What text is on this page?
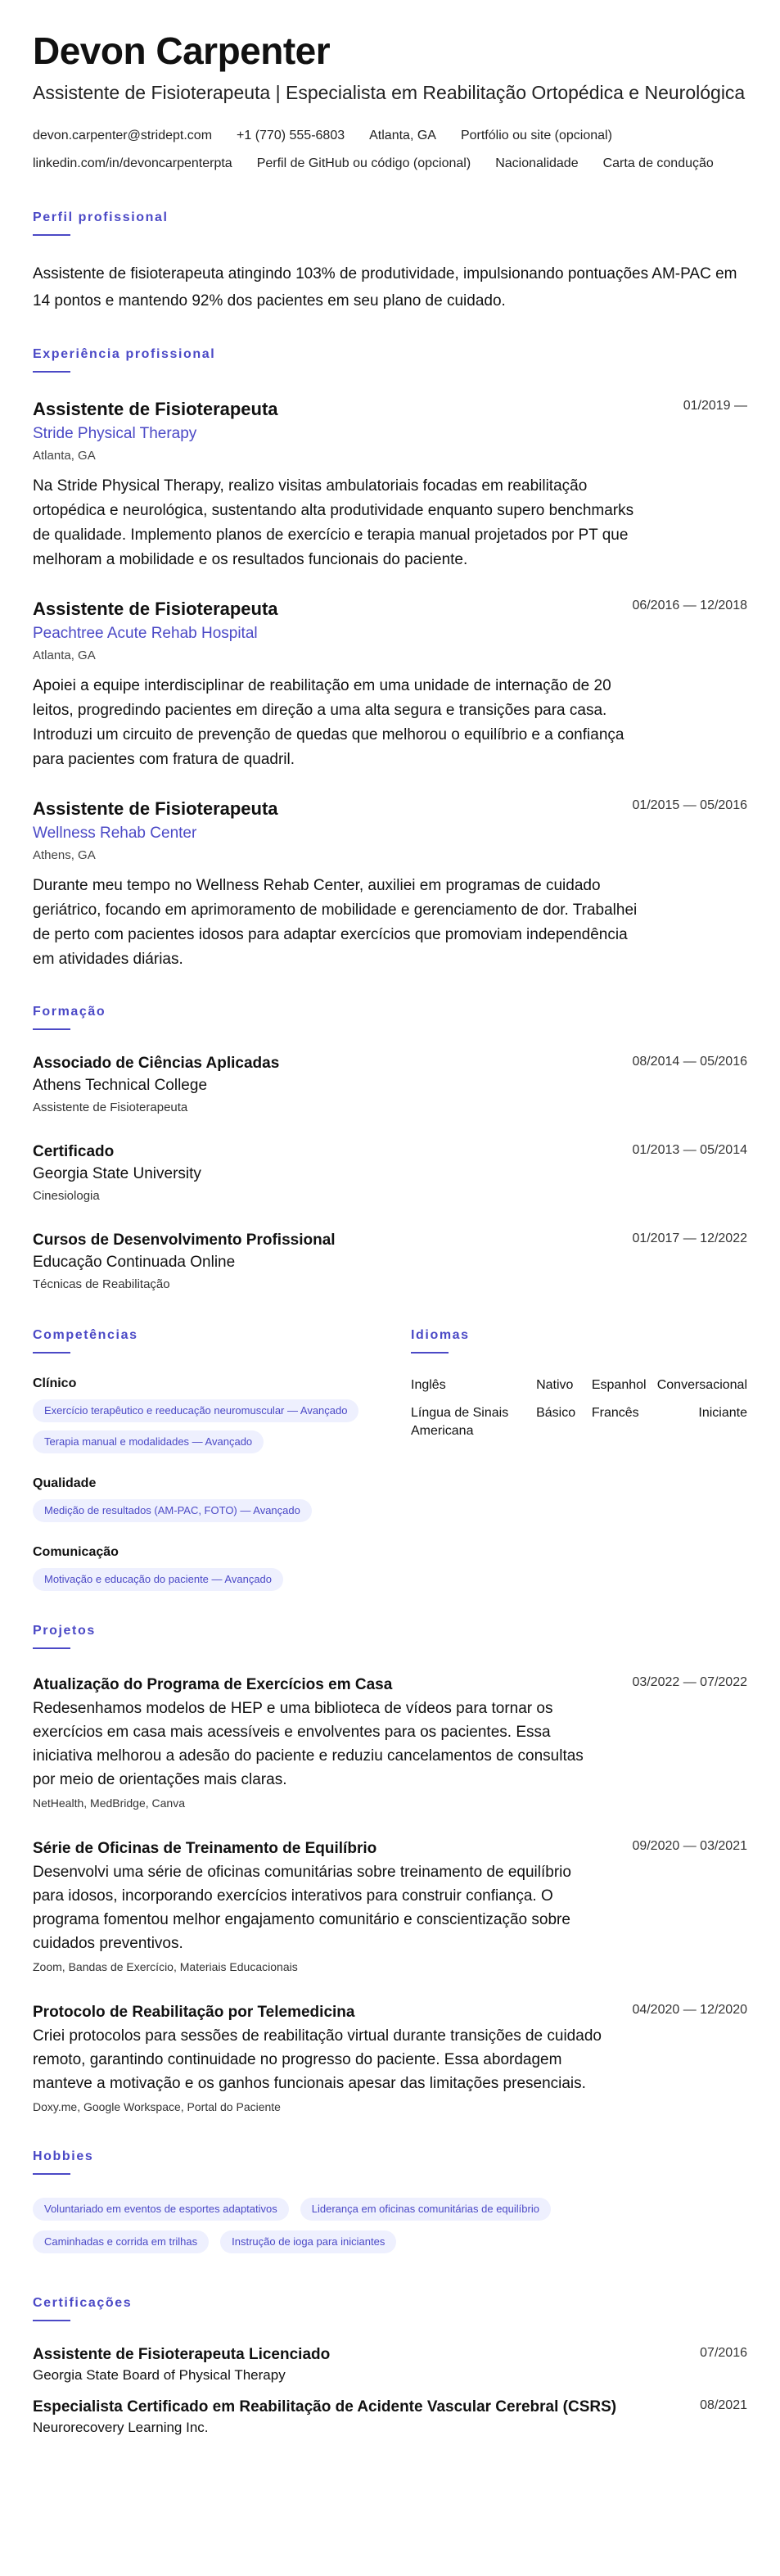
Devon Carpenter
Assistente de Fisioterapeuta | Especialista em Reabilitação Ortopédica e Neurológica
devon.carpenter@stridept.com +1 (770) 555-6803 Atlanta, GA Portfólio ou site (opcional)
linkedin.com/in/devoncarpenterpta Perfil de GitHub ou código (opcional) Nacionalidade Carta de condução
Perfil profissional
Assistente de fisioterapeuta atingindo 103% de produtividade, impulsionando pontuações AM-PAC em 14 pontos e mantendo 92% dos pacientes em seu plano de cuidado.
Experiência profissional
Assistente de Fisioterapeuta
Stride Physical Therapy
Atlanta, GA
01/2019 —
Na Stride Physical Therapy, realizo visitas ambulatoriais focadas em reabilitação ortopédica e neurológica, sustentando alta produtividade enquanto supero benchmarks de qualidade. Implemento planos de exercício e terapia manual projetados por PT que melhoram a mobilidade e os resultados funcionais do paciente.
Assistente de Fisioterapeuta
Peachtree Acute Rehab Hospital
Atlanta, GA
06/2016 — 12/2018
Apoiei a equipe interdisciplinar de reabilitação em uma unidade de internação de 20 leitos, progredindo pacientes em direção a uma alta segura e transições para casa. Introduzi um circuito de prevenção de quedas que melhorou o equilíbrio e a confiança para pacientes com fratura de quadril.
Assistente de Fisioterapeuta
Wellness Rehab Center
Athens, GA
01/2015 — 05/2016
Durante meu tempo no Wellness Rehab Center, auxiliei em programas de cuidado geriátrico, focando em aprimoramento de mobilidade e gerenciamento de dor. Trabalhei de perto com pacientes idosos para adaptar exercícios que promoviam independência em atividades diárias.
Formação
Associado de Ciências Aplicadas
Athens Technical College
Assistente de Fisioterapeuta
08/2014 — 05/2016
Certificado
Georgia State University
Cinesiologia
01/2013 — 05/2014
Cursos de Desenvolvimento Profissional
Educação Continuada Online
Técnicas de Reabilitação
01/2017 — 12/2022
Competências
Clínico
Exercício terapêutico e reeducação neuromuscular — Avançado
Terapia manual e modalidades — Avançado
Qualidade
Medição de resultados (AM-PAC, FOTO) — Avançado
Comunicação
Motivação e educação do paciente — Avançado
Idiomas
Inglês	Nativo	Espanhol	Conversacional
Língua de Sinais Americana	Básico	Francês	Iniciante
Projetos
Atualização do Programa de Exercícios em Casa	03/2022 — 07/2022
Redesenhamos modelos de HEP e uma biblioteca de vídeos para tornar os exercícios em casa mais acessíveis e envolventes para os pacientes. Essa iniciativa melhorou a adesão do paciente e reduziu cancelamentos de consultas por meio de orientações mais claras.
NetHealth, MedBridge, Canva
Série de Oficinas de Treinamento de Equilíbrio	09/2020 — 03/2021
Desenvolvi uma série de oficinas comunitárias sobre treinamento de equilíbrio para idosos, incorporando exercícios interativos para construir confiança. O programa fomentou melhor engajamento comunitário e conscientização sobre cuidados preventivos.
Zoom, Bandas de Exercício, Materiais Educacionais
Protocolo de Reabilitação por Telemedicina	04/2020 — 12/2020
Criei protocolos para sessões de reabilitação virtual durante transições de cuidado remoto, garantindo continuidade no progresso do paciente. Essa abordagem manteve a motivação e os ganhos funcionais apesar das limitações presenciais.
Doxy.me, Google Workspace, Portal do Paciente
Hobbies
Voluntariado em eventos de esportes adaptativos	Liderança em oficinas comunitárias de equilíbrio
Caminhadas e corrida em trilhas	Instrução de ioga para iniciantes
Certificações
Assistente de Fisioterapeuta Licenciado
Georgia State Board of Physical Therapy
07/2016
Especialista Certificado em Reabilitação de Acidente Vascular Cerebral (CSRS)
Neurorecovery Learning Inc.
08/2021
